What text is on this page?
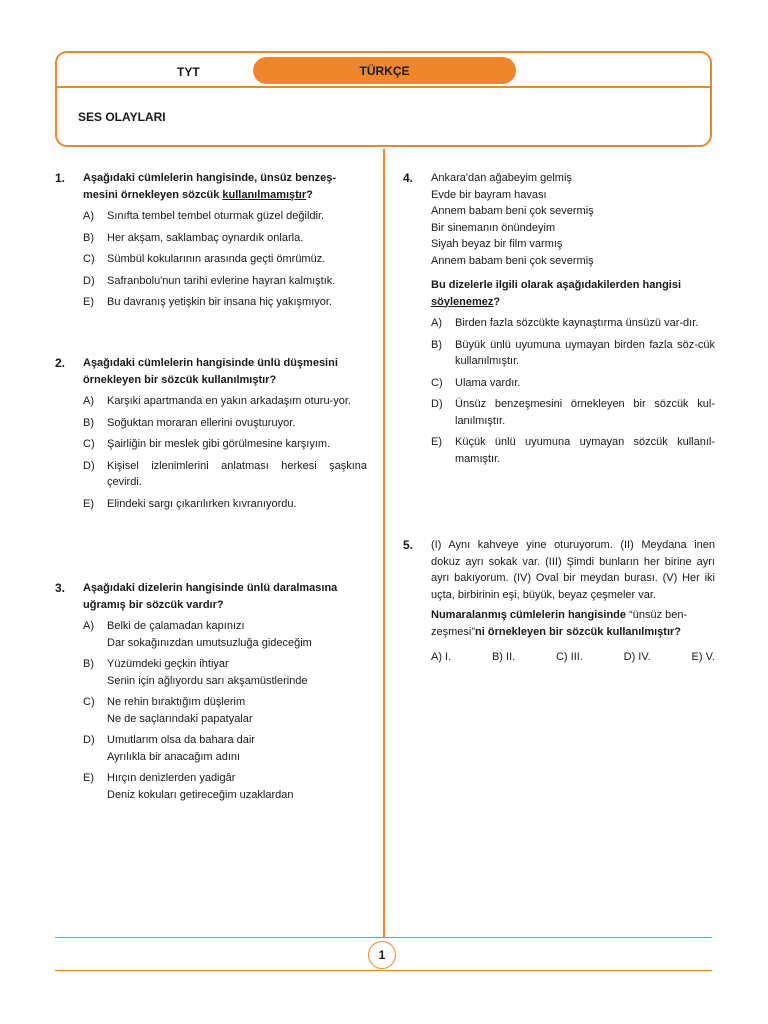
TYT	TÜRKÇE
SES OLAYLARI
1. Aşağıdaki cümlelerin hangisinde, ünsüz benzeş-mesini örnekleyen sözcük kullanılmamıştır?
A)	Sınıfta tembel tembel oturmak güzel değildir.
B)	Her akşam, saklambaç oynardık onlarla.
C)	Sümbül kokularının arasında geçti ömrümüz.
D)	Safranbolu'nun tarihi evlerine hayran kalmıştık.
E)	Bu davranış yetişkin bir insana hiç yakışmıyor.
2. Aşağıdaki cümlelerin hangisinde ünlü düşmesini örnekleyen bir sözcük kullanılmıştır?
A)	Karşıki apartmanda en yakın arkadaşım oturu-yor.
B)	Soğuktan moraran ellerini ovuşturuyor.
C)	Şairliğin bir meslek gibi görülmesine karşıyım.
D)	Kişisel izlenimlerini anlatması herkesi şaşkına çevirdi.
E)	Elindeki sargı çıkarılırken kıvranıyordu.
3. Aşağıdaki dizelerin hangisinde ünlü daralmasına uğramış bir sözcük vardır?
A)	Belki de çalamadan kapınızı
Dar sokağınızdan umutsuzluğa gideceğim
B)	Yüzümdeki geçkin ihtiyar
Senin için ağlıyordu sarı akşamüstlerinde
C)	Ne rehin bıraktığım düşlerim
Ne de saçlarındaki papatyalar
D)	Umutlarım olsa da bahara dair
Ayrılıkla bir anacağım adını
E)	Hırçın denizlerden yadigâr
Deniz kokuları getireceğim uzaklardan
4. Ankara'dan ağabeyim gelmiş
Evde bir bayram havası
Annem babam beni çok severmiş
Bir sinemanın önündeyim
Siyah beyaz bir film varmış
Annem babam beni çok severmiş
Bu dizelerle ilgili olarak aşağıdakilerden hangisi söylenemez?
A)	Birden fazla sözcükte kaynaştırma ünsüzü var-dır.
B)	Büyük ünlü uyumuna uymayan birden fazla söz-cük kullanılmıştır.
C)	Ulama vardır.
D)	Ünsüz benzeşmesini örnekleyen bir sözcük kul-lanılmıştır.
E)	Küçük ünlü uyumuna uymayan sözcük kullanıl-mamıştır.
5. (I) Aynı kahveye yine oturuyorum. (II) Meydana inen dokuz ayrı sokak var. (III) Şimdi bunların her birine ayrı ayrı bakıyorum. (IV) Oval bir meydan burası. (V) Her iki uçta, birbirinin eşi, büyük, beyaz çeşmeler var.
Numaralanmış cümlelerin hangisinde “ünsüz ben-zeşmesi”ni örnekleyen bir sözcük kullanılmıştır?
A) I.	B) II.	C) III.	D) IV.	E) V.
1
